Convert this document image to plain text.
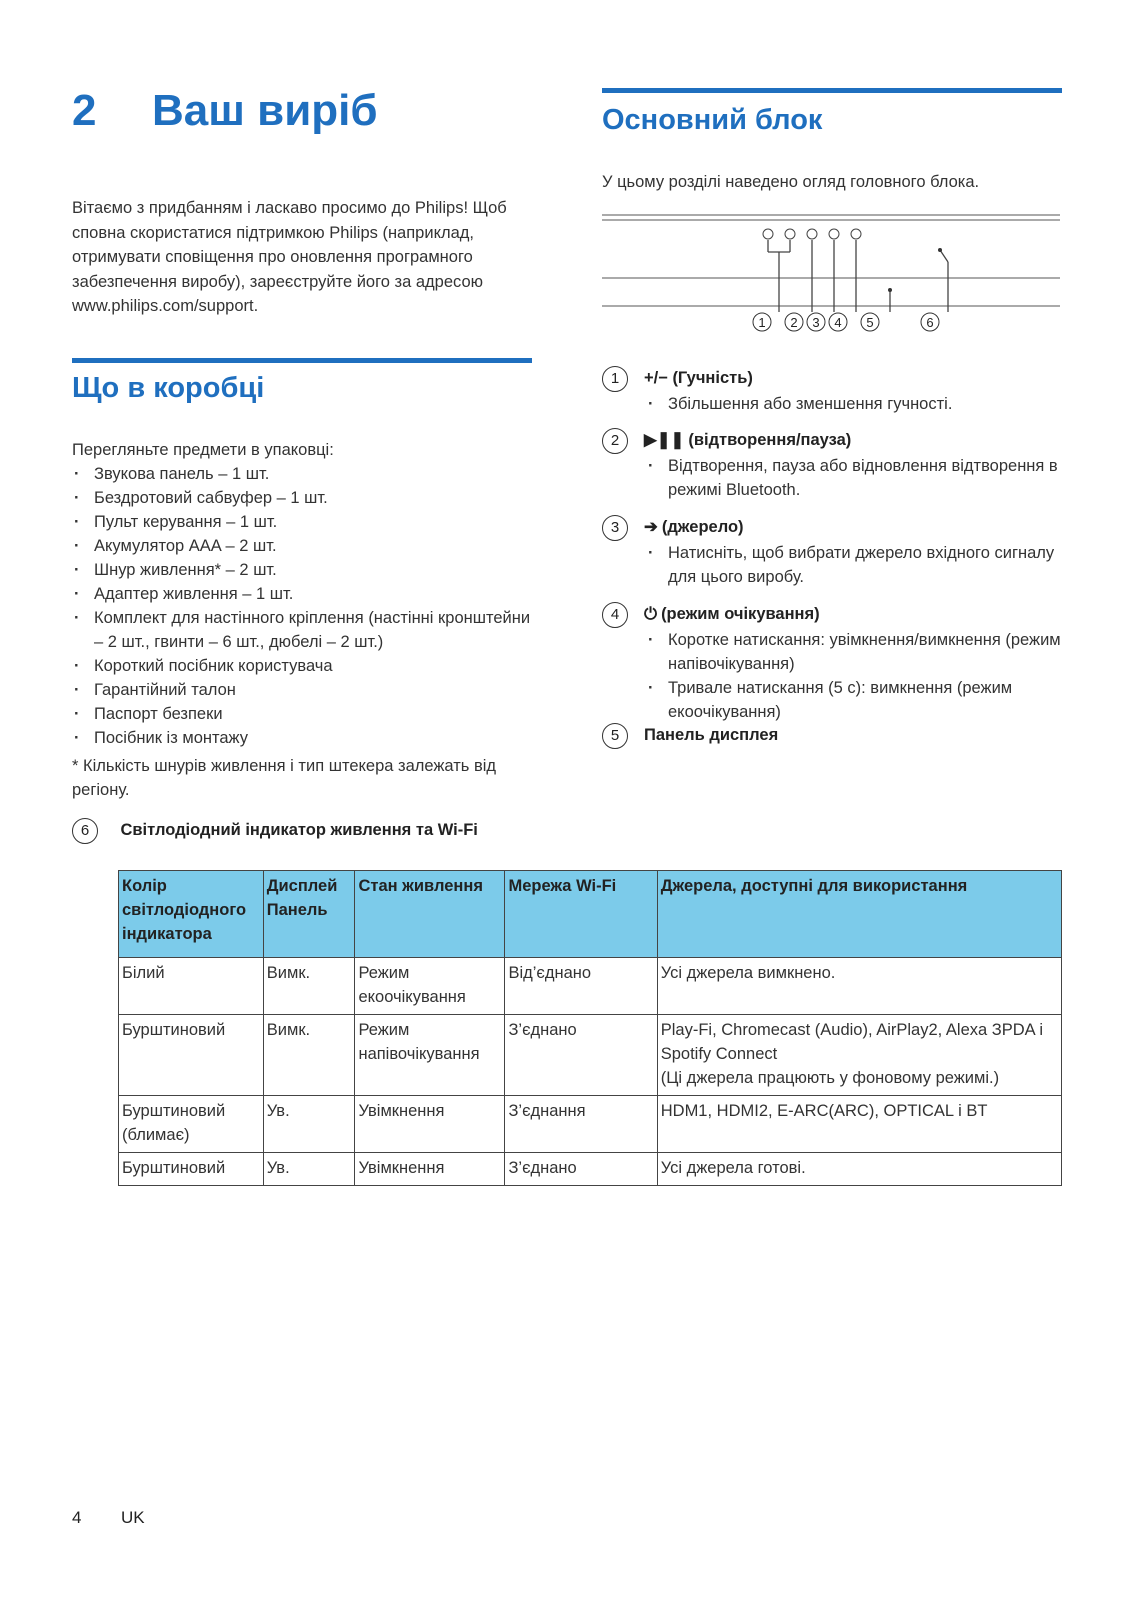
2 Ваш виріб
Вітаємо з придбанням і ласкаво просимо до Philips! Щоб сповна скористатися підтримкою Philips (наприклад, отримувати сповіщення про оновлення програмного забезпечення виробу), зареєструйте його за адресою www.philips.com/support.
Що в коробці
Перегляньте предмети в упаковці:
· Звукова панель – 1 шт.
· Бездротовий сабвуфер – 1 шт.
· Пульт керування – 1 шт.
· Акумулятор AAA – 2 шт.
· Шнур живлення* – 2 шт.
· Адаптер живлення – 1 шт.
· Комплект для настінного кріплення (настінні кронштейни – 2 шт., гвинти – 6 шт., дюбелі – 2 шт.)
· Короткий посібник користувача
· Гарантійний талон
· Паспорт безпеки
· Посібник із монтажу
* Кількість шнурів живлення і тип штекера залежать від регіону.
Основний блок
У цьому розділі наведено огляд головного блока.
1 2 3 4 5	6
1 +/− (Гучність)
· Збільшення або зменшення гучності.
2 ▶❚❚ (відтворення/пауза)
· Відтворення, пауза або відновлення відтворення в режимі Bluetooth.
3 ➔ (джерело)
· Натисніть, щоб вибрати джерело вхідного сигналу для цього виробу.
4 ⏻ (режим очікування)
· Коротке натискання: увімкнення/вимкнення (режим напівочікування)
· Тривале натискання (5 с): вимкнення (режим екоочікування)
5 Панель дисплея
6 Світлодіодний індикатор живлення та Wi-Fi
Колір світлодіодного індикатора	Дисплей Панель	Стан живлення	Мережа Wi-Fi	Джерела, доступні для використання
Білий	Вимк.	Режим екоочікування	Від’єднано	Усі джерела вимкнено.
Бурштиновий	Вимк.	Режим напівочікування	З’єднано	Play-Fi, Chromecast (Audio), AirPlay2, Alexa ЗРDA і Spotify Connect
(Ці джерела працюють у фоновому режимі.)
Бурштиновий (блимає)	Ув.	Увімкнення	З’єднання	HDM1, HDMI2, E-ARC(ARC), OPTICAL і BT
Бурштиновий	Ув.	Увімкнення	З’єднано	Усі джерела готові.
4 UK
